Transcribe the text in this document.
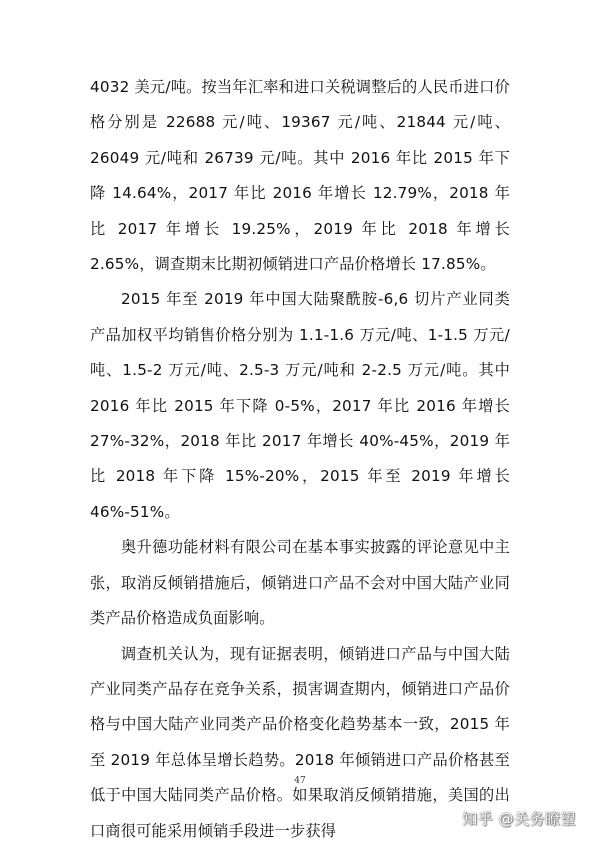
4032 美元/吨。按当年汇率和进口关税调整后的人民币进口价格分别是 22688 元/吨、19367 元/吨、21844 元/吨、26049 元/吨和 26739 元/吨。其中 2016 年比 2015 年下降 14.64%，2017 年比 2016 年增长 12.79%，2018 年比 2017 年增长 19.25%，2019 年比 2018 年增长 2.65%，调查期末比期初倾销进口产品价格增长 17.85%。

2015 年至 2019 年中国大陆聚酰胺-6,6 切片产业同类产品加权平均销售价格分别为 1.1-1.6 万元/吨、1-1.5 万元/吨、1.5-2 万元/吨、2.5-3 万元/吨和 2-2.5 万元/吨。其中 2016 年比 2015 年下降 0-5%，2017 年比 2016 年增长 27%-32%，2018 年比 2017 年增长 40%-45%，2019 年比 2018 年下降 15%-20%，2015 年至 2019 年增长 46%-51%。

奥升德功能材料有限公司在基本事实披露的评论意见中主张，取消反倾销措施后，倾销进口产品不会对中国大陆产业同类产品价格造成负面影响。

调查机关认为，现有证据表明，倾销进口产品与中国大陆产业同类产品存在竞争关系，损害调查期内，倾销进口产品价格与中国大陆产业同类产品价格变化趋势基本一致，2015 年至 2019 年总体呈增长趋势。2018 年倾销进口产品价格甚至低于中国大陆同类产品价格。如果取消反倾销措施，美国的出口商很可能采用倾销手段进一步获得

47
知乎 @关务瞭望
